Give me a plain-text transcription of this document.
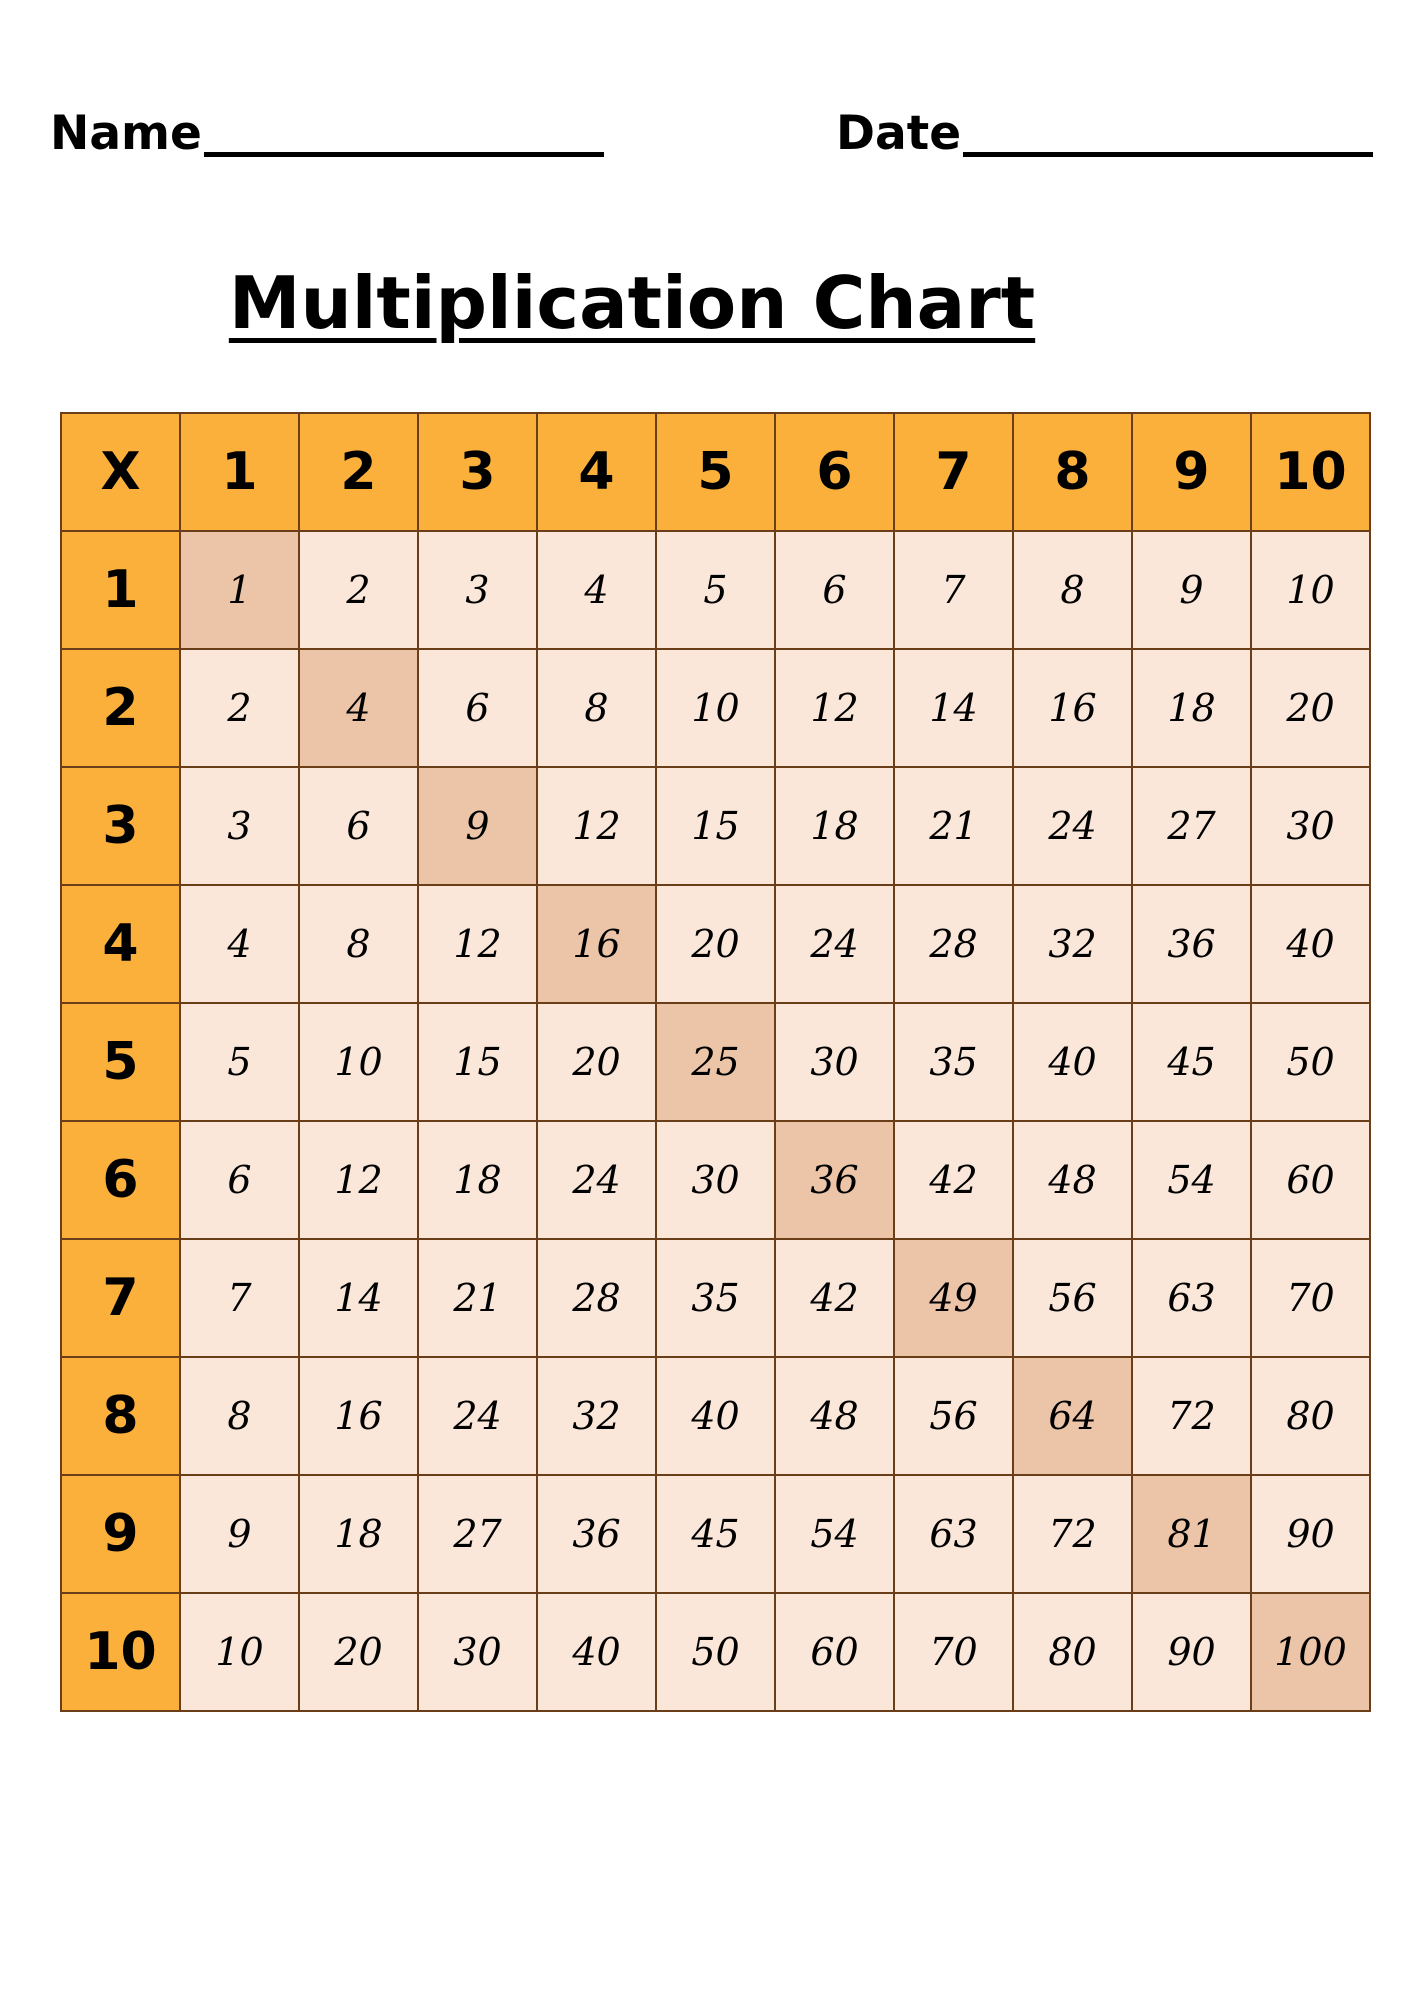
Name	Date
Multiplication Chart
X	1	2	3	4	5	6	7	8	9	10
1	1	2	3	4	5	6	7	8	9	10
2	2	4	6	8	10	12	14	16	18	20
3	3	6	9	12	15	18	21	24	27	30
4	4	8	12	16	20	24	28	32	36	40
5	5	10	15	20	25	30	35	40	45	50
6	6	12	18	24	30	36	42	48	54	60
7	7	14	21	28	35	42	49	56	63	70
8	8	16	24	32	40	48	56	64	72	80
9	9	18	27	36	45	54	63	72	81	90
10	10	20	30	40	50	60	70	80	90	100
